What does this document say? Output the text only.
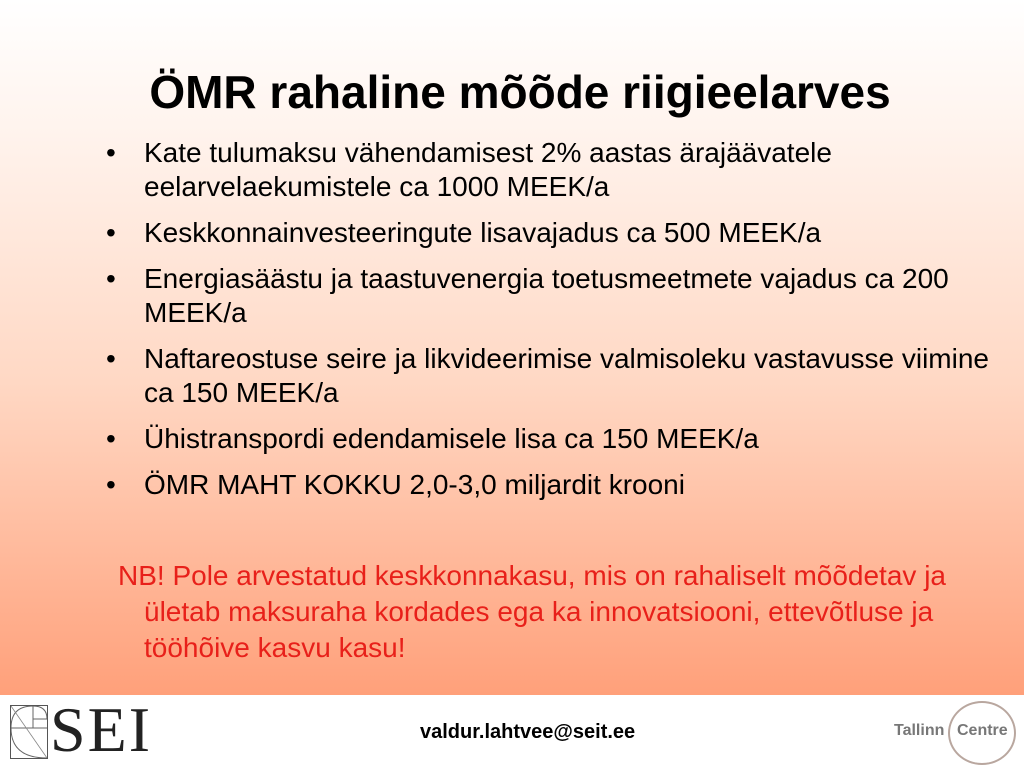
ÖMR rahaline mõõde riigieelarves
•	Kate tulumaksu vähendamisest 2% aastas ärajäävatele eelarvelaekumistele ca 1000 MEEK/a
•	Keskkonnainvesteeringute lisavajadus ca 500 MEEK/a
•	Energiasäästu ja taastuvenergia toetusmeetmete vajadus ca 200 MEEK/a
•	Naftareostuse seire ja likvideerimise valmisoleku vastavusse viimine ca 150 MEEK/a
•	Ühistranspordi edendamisele lisa ca 150 MEEK/a
•	ÖMR MAHT KOKKU 2,0-3,0 miljardit krooni
NB! Pole arvestatud keskkonnakasu, mis on rahaliselt mõõdetav ja ületab maksuraha kordades ega ka innovatsiooni, ettevõtluse ja tööhõive kasvu kasu!
SEI	valdur.lahtvee@seit.ee	Tallinn Centre
